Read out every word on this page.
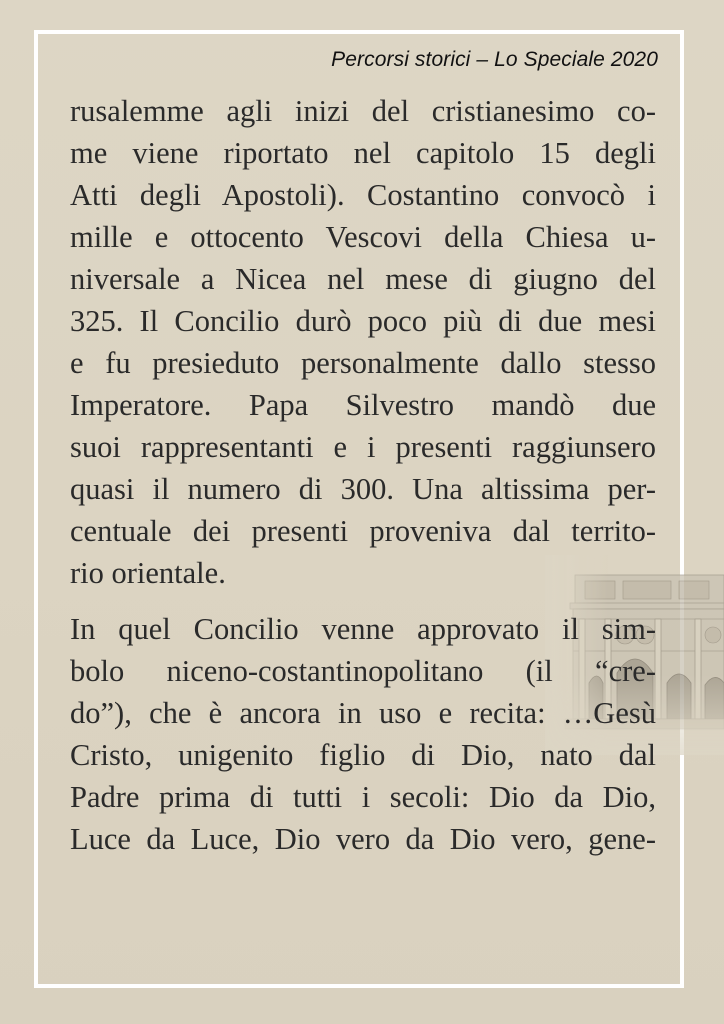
Percorsi storici – Lo Speciale 2020
rusalemme agli inizi del cristianesimo co-
me viene riportato nel capitolo 15 degli
Atti degli Apostoli). Costantino convocò i
mille e ottocento Vescovi della Chiesa u-
niversale a Nicea nel mese di giugno del
325. Il Concilio durò poco più di due mesi
e fu presieduto personalmente dallo stesso
Imperatore. Papa Silvestro mandò due
suoi rappresentanti e i presenti raggiunsero
quasi il numero di 300. Una altissima per-
centuale dei presenti proveniva dal territo-
rio orientale.
In quel Concilio venne approvato il sim-
bolo niceno-costantinopolitano (il “cre-
do”), che è ancora in uso e recita: …Gesù
Cristo, unigenito figlio di Dio, nato dal
Padre prima di tutti i secoli: Dio da Dio,
Luce da Luce, Dio vero da Dio vero, gene-
